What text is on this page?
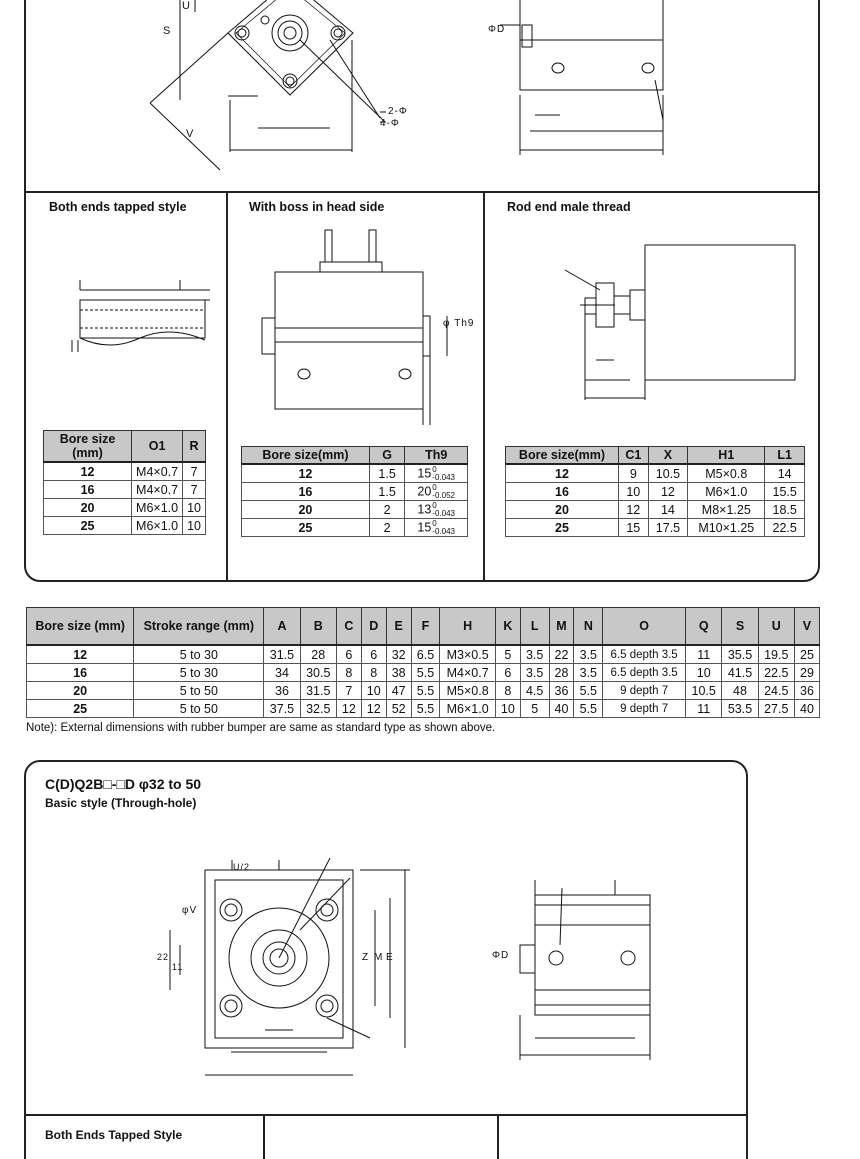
S
U
V
2-Φ
4-Φ
ΦD
Both ends tapped style	With boss in head side	Rod end male thread
φ Th9
Bore size (mm)	O1	R
12	M4×0.7	7
16	M4×0.7	7
20	M6×1.0	10
25	M6×1.0	10
Bore size(mm)	G	Th9
12	1.5	15 0
-0.043

16	1.5	20 0
-0.052

20	2	13 0
-0.043

25	2	15 0
-0.043
Bore size(mm)	C1	X	H1	L1
12	9	10.5	M5×0.8	14
16	10	12	M6×1.0	15.5
20	12	14	M8×1.25	18.5
25	15	17.5	M10×1.25	22.5
Bore size (mm)	Stroke range (mm)	A	B	C	D	E	F	H	K	L	M	N	O	Q	S	U	V
12	5 to 30	31.5	28	6	6	32	6.5	M3×0.5	5	3.5	22	3.5	6.5 depth 3.5	11	35.5	19.5	25
16	5 to 30	34	30.5	8	8	38	5.5	M4×0.7	6	3.5	28	3.5	6.5 depth 3.5	10	41.5	22.5	29
20	5 to 50	36	31.5	7	10	47	5.5	M5×0.8	8	4.5	36	5.5	9 depth 7	10.5	48	24.5	36
25	5 to 50	37.5	32.5	12	12	52	5.5	M6×1.0	10	5	40	5.5	9 depth 7	11	53.5	27.5	40
Note): External dimensions with rubber bumper are same as standard type as shown above.
C(D)Q2B□-□D φ32 to 50
Basic style (Through-hole)
U/2
φV
22
11
Z M E	ΦD
Both Ends Tapped Style
